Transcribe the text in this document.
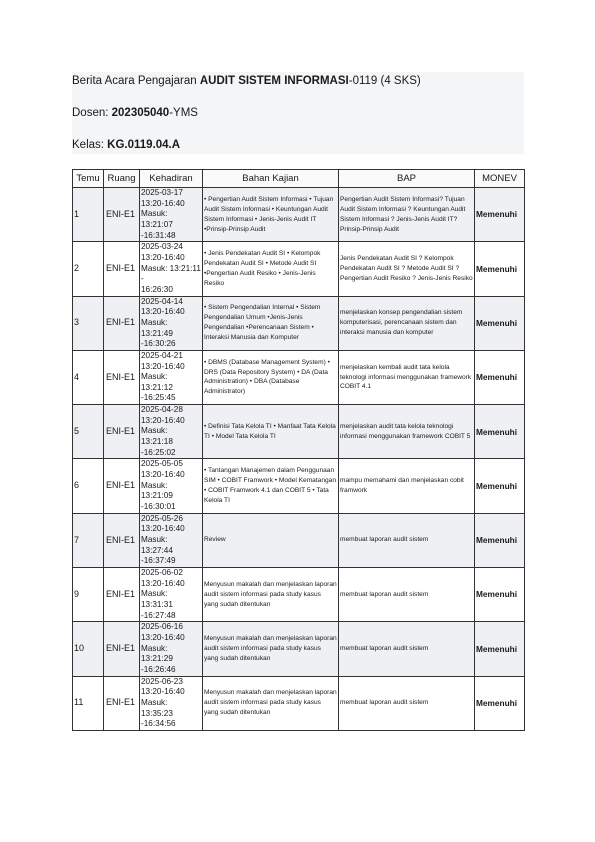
Berita Acara Pengajaran AUDIT SISTEM INFORMASI-0119 (4 SKS)
Dosen: 202305040-YMS
Kelas: KG.0119.04.A
Temu	Ruang	Kehadiran	Bahan Kajian	BAP	MONEV
1	ENI-E1	2025-03-17
13:20-16:40
Masuk: 13:21:07
-16:31:48	• Pengertian Audit Sistem Informasi • Tujuan Audit Sistem Informasi • Keuntungan Audit Sistem Informasi • Jenis-Jenis Audit IT •Prinsip-Prinsip Audit	Pengertian Audit Sistem Informasi? Tujuan Audit Sistem Informasi ? Keuntungan Audit Sistem Informasi ? Jenis-Jenis Audit IT? Prinsip-Prinsip Audit	Memenuhi
2	ENI-E1	2025-03-24
13:20-16:40
Masuk: 13:21:11 -
16:26:30	• Jenis Pendekatan Audit SI • Kelompok Pendekatan Audit SI • Metode Audit SI •Pengertian Audit Resiko • Jenis-Jenis Resiko	Jenis Pendekatan Audit SI ? Kelompok Pendekatan Audit SI ? Metode Audit SI ? Pengertian Audit Resiko ? Jenis-Jenis Resiko	Memenuhi
3	ENI-E1	2025-04-14
13:20-16:40
Masuk: 13:21:49
-16:30:26	• Sistem Pengendalian Internal • Sistem Pengendalian Umum •Jenis-Jenis Pengendalian •Perencanaan Sistem • Interaksi Manusia dan Komputer	menjelaskan konsep pengendalian sistem komputerisasi, perencanaan sistem dan interaksi manusia dan komputer	Memenuhi
4	ENI-E1	2025-04-21
13:20-16:40
Masuk: 13:21:12
-16:25:45	• DBMS (Database Management System) • DRS (Data Repository System) • DA (Data Administration) • DBA (Database Administrator)	menjelaskan kembali audit tata kelola teknologi informasi menggunakan framework COBIT 4.1	Memenuhi
5	ENI-E1	2025-04-28
13:20-16:40
Masuk: 13:21:18
-16:25:02	• Definisi Tata Kelola TI • Manfaat Tata Kelola TI • Model Tata Kelola TI	menjelaskan audit tata kelola teknologi informasi menggunakan framework COBIT 5	Memenuhi
6	ENI-E1	2025-05-05
13:20-16:40
Masuk: 13:21:09
-16:30:01	• Tantangan Manajemen dalam Penggunaan SIM • COBIT Framwork • Model Kematangan • COBIT Framwork 4.1 dan COBIT 5 • Tata Kelola TI	mampu memahami dan menjelaskan cobit framwork	Memenuhi
7	ENI-E1	2025-05-26
13:20-16:40
Masuk: 13:27:44
-16:37:49	Review	membuat laporan audit sistem	Memenuhi
9	ENI-E1	2025-06-02
13:20-16:40
Masuk: 13:31:31
-16:27:48	Menyusun makalah dan menjelaskan laporan audit sistem informasi pada study kasus yang sudah ditentukan	membuat laporan audit sistem	Memenuhi
10	ENI-E1	2025-06-16
13:20-16:40
Masuk: 13:21:29
-16:26:46	Menyusun makalah dan menjelaskan laporan audit sistem informasi pada study kasus yang sudah ditentukan	membuat laporan audit sistem	Memenuhi
11	ENI-E1	2025-06-23
13:20-16:40
Masuk: 13:35:23
-16:34:56	Menyusun makalah dan menjelaskan laporan audit sistem informasi pada study kasus yang sudah ditentukan	membuat laporan audit sistem	Memenuhi
